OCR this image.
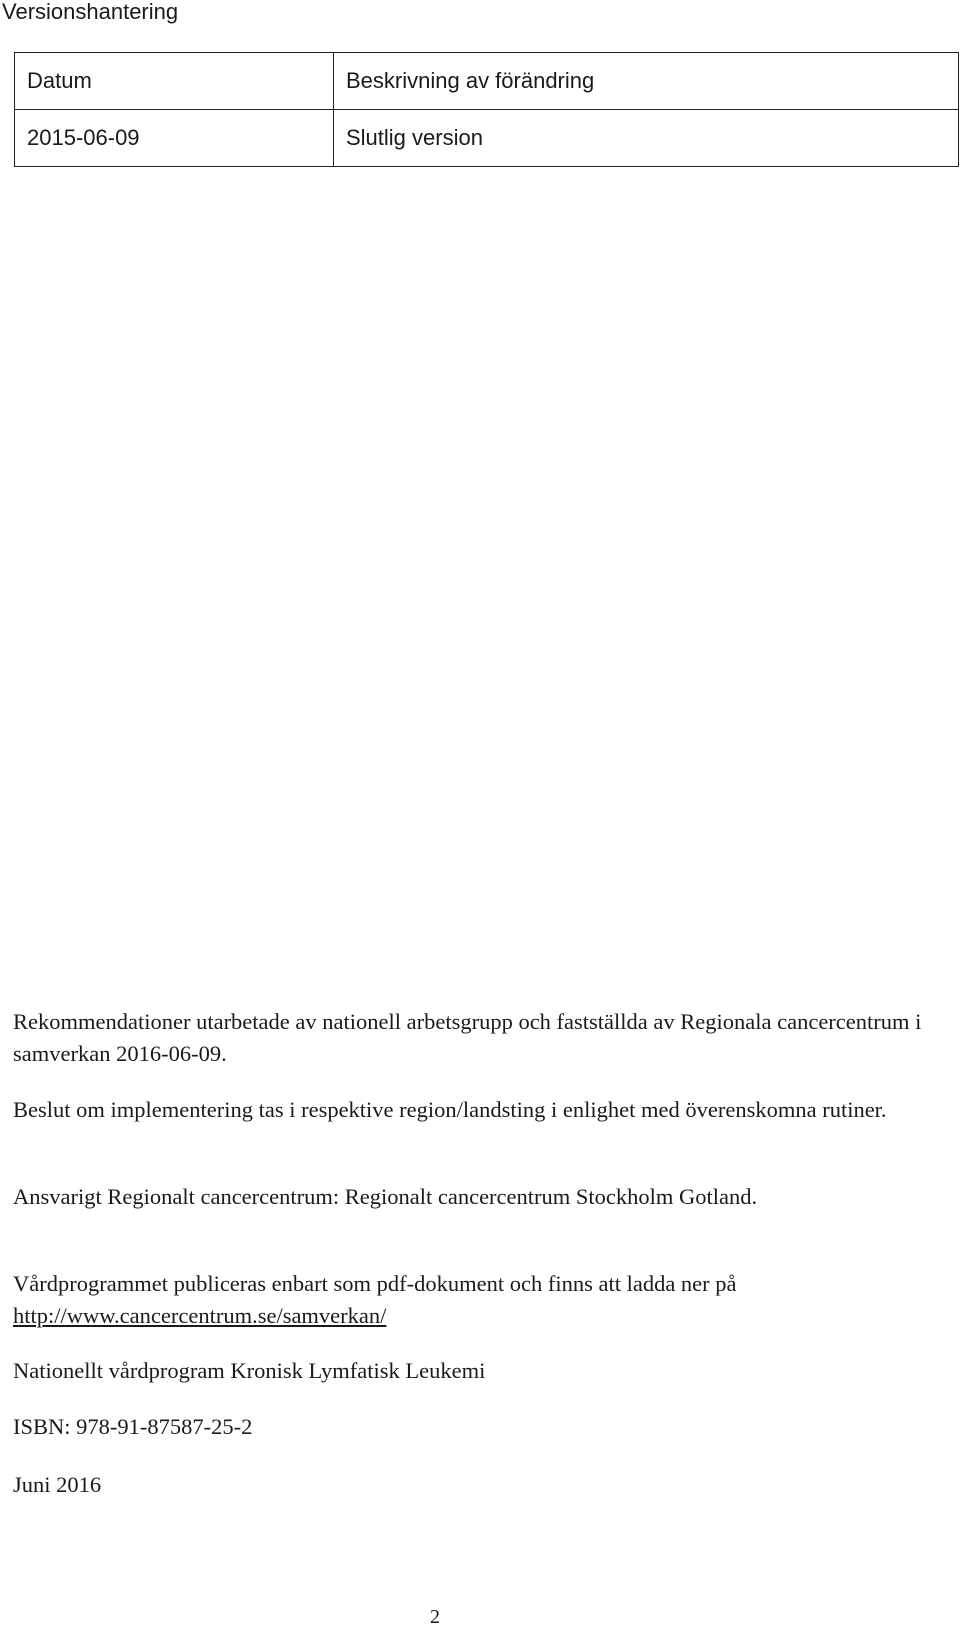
Versionshantering
Datum	Beskrivning av förändring
2015-06-09	Slutlig version

Rekommendationer utarbetade av nationell arbetsgrupp och fastställda av Regionala cancercentrum i samverkan 2016-06-09.

Beslut om implementering tas i respektive region/landsting i enlighet med överenskomna rutiner.

Ansvarigt Regionalt cancercentrum: Regionalt cancercentrum Stockholm Gotland.

Vårdprogrammet publiceras enbart som pdf-dokument och finns att ladda ner på http://www.cancercentrum.se/samverkan/

Nationellt vårdprogram Kronisk Lymfatisk Leukemi

ISBN: 978-91-87587-25-2

Juni 2016

2
